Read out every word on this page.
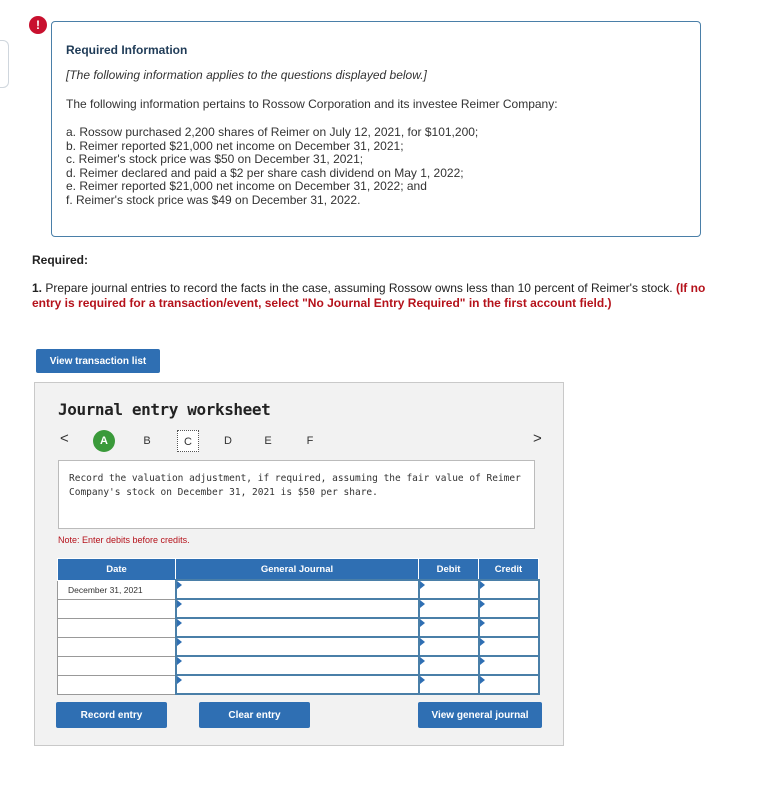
!
Required Information
[The following information applies to the questions displayed below.]
The following information pertains to Rossow Corporation and its investee Reimer Company:
a. Rossow purchased 2,200 shares of Reimer on July 12, 2021, for $101,200;
b. Reimer reported $21,000 net income on December 31, 2021;
c. Reimer's stock price was $50 on December 31, 2021;
d. Reimer declared and paid a $2 per share cash dividend on May 1, 2022;
e. Reimer reported $21,000 net income on December 31, 2022; and
f. Reimer's stock price was $49 on December 31, 2022.
Required:
1. Prepare journal entries to record the facts in the case, assuming Rossow owns less than 10 percent of Reimer's stock. (If no entry is required for a transaction/event, select "No Journal Entry Required" in the first account field.)
View transaction list
Journal entry worksheet
<	A	B	C	D	E	F	>
Record the valuation adjustment, if required, assuming the fair value of Reimer Company's stock on December 31, 2021 is $50 per share.
Note: Enter debits before credits.
Date	General Journal	Debit	Credit

December 31, 2021			

Record entry	Clear entry	View general journal
